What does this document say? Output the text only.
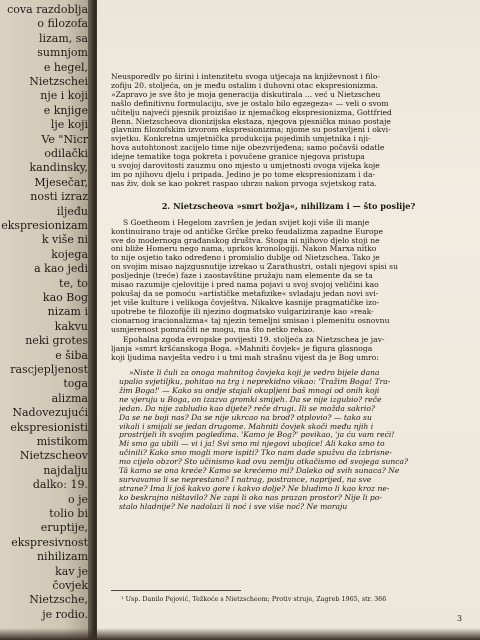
cova razdoblja
o filozofa
lizam, sa
sumnjom
e hegel,
Nietzschei
nje i koji
e knjige
lje koji
Ve "Nicr
odilački
kandinsky,
Mjesečar,
nosti izraz
iljeđu
ekspresionizam
k više ni
kojega
a kao jedi
te, to
kao Bog
nizam i
kakvu
neki grotes
e šiba
rascjepljenost
toga
alizma
Nadovezujući
ekspresionisti
mistikom
Nietzscheov
najdalju
dalko: 19.
o je
tolio bi
eruptije,
ekspresivnost
nihilizam
kav je
čovjek
Nietzsche,
je rodio.
¹ Usp. Danilo Pejović, Težkoće s Nietzscheom; Protiv struje, Zagreb 1965, str. 366
3
Neusporedlv po širini i intenzitetu svoga utjecaja na književnost i filo-
zofiju 20. stoljeća, on je među ostalim i duhovni otac ekspresionizma.
»Zapravo je sve što je moja generacija diskutirala ... već u Nietzscheu
našlo definitivnu formulaciju, sve je ostalo bilo egzegeza« — veli o svom
učitelju najveći pjesnik proizišao iz njemačkog ekspresionizma, Gottfried
Benn. Nietzscheova dionizijska ekstaza, njegova pjesnička misao postaje
glavnim filozofskim izvorom ekspresionizma; njome su postavljeni i okvi-
svjetku. Konkretna umjetnička produkcija pojedinih umjetnika i nji-
hova autohtonost zacijelo time nije obezvrijeđena; samo počavši odatle
idejne tematike toga pokreta i povučene granice njegova pristupa
u svojoj darovitosti zauzmu ono mjesto u umjetnosti ovoga vijeka koje
im po njihovu djelu i pripada. Jedino je po tome ekspresionizam i da-
nas živ, dok se kao pokret raspao ubrzo nakon prvoga svjetskog rata.
2. Nietzscheova »smrt božja«, nihilizam i — što poslije?
S Goetheom i Hegelom završen je jedan svijet koji više ili manje
kontinuirano traje od antičke Grčke preko feudalizma zapadne Europe
sve do modernoga građanskog društva. Stoga ni njihovo djelo stoji ne
oni bliže Homeru nego nama, uprkos kronologiji. Nakon Marxa nitko
to nije osjetio tako određeno i promislio dublje od Nietzschea. Tako je
on svojim misao najzgusnutije izrekao u Zarathustri, ostali njegovi spisi su
posljednje (treće) faze i zaostavštine pružaju nam elemente da se ta
misao razumije cjelovitije i pred nama pojavi u svoj svojoj veličini kao
pokušaj da se pomoću »artističke metafizike« svladaju jedan novi svi-
jet više kulture i velikoga čovještva. Nikakve kasnije pragmatičke izo-
upotrebe te filozofije ili njezino dogmatsko vulgariziranje kao »reak-
cionarnog iracionalizma« taj njezin temeljni smisao i plemenitu osnovnu
usmjerenost pomračiti ne mogu, ma što netko rekao.
Epohalna zgoda evropske povijesti 19. stoljeća za Nietzschea je jav-
ljanja »smrt kršćanskoga Boga. »Mahniti čovjek« je figura glasnoga
koji ljudima navješta vedro i u tmi mah strašnu vijest da je Bog umro:
»Niste li čuli za onoga mahnitog čovjeka koji je vedro bijele dana
upalio svjetiljku, pohitao na trg i neprekidno vikao: 'Tražim Boga! Tra-
žim Boga!' — Kako su ondje stajali okupljeni baš mnogi od onih koji
ne vjeruju u Boga, on izazva gromki smijeh. Da se nije izgubio? reče
jedan. Da nije zabludio kao dijete? reče drugi. Ili se možda sakrio?
Da se ne boji nas? Da se nije ukrcao na brod? otplovio? — tako su
vikali i smijali se jedan drugome. Mahniti čovjek skoči među njih i
prostrijeli ih svojim pogledima. 'Kamo je Bog?' povikao, 'ja ću vam reći!
Mi smo ga ubili — vi i ja! Svi smo mi njegovi ubojice! Ali kako smo to
učinili? Kako smo mogli more ispiti? Tko nam dade spužvu da izbrisne-
mo cijelo obzor? Što učinismo kad ovu zemlju otkačismo od svojega sunca?
Tâ kamo se ona kreće? Kamo se krećemo mi? Daleko od svih sunaca? Ne
survavamo li se neprestano? I natrag, postrance, naprijed, na sve
strane? Ima li još kakvo gore i kakvo dolje? Ne bludimo li kao kroz ne-
ko beskrajno ništavilo? Ne zapi li oko nas prazan prostor? Nije li po-
stalo hladnije? Ne nadolazi li noć i sve više noć? Ne moraju
